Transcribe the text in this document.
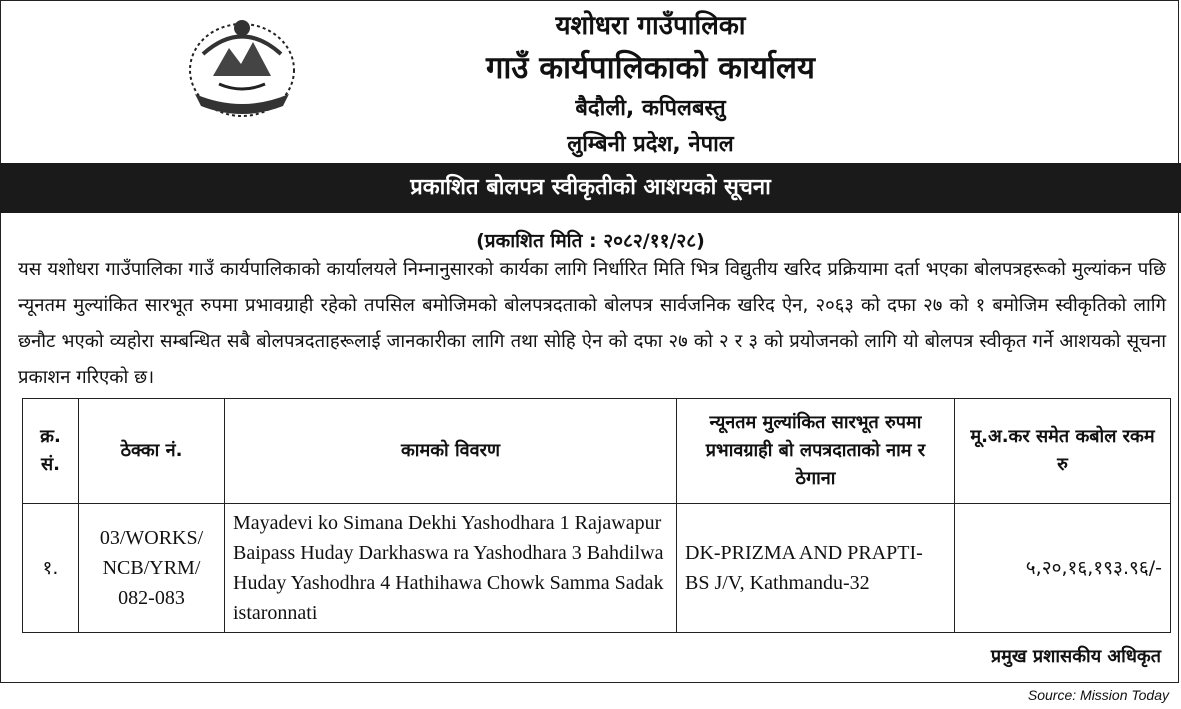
यशोधरा गाउँपालिका
गाउँ कार्यपालिकाको कार्यालय
बैदौली, कपिलबस्तु
लुम्बिनी प्रदेश, नेपाल
प्रकाशित बोलपत्र स्वीकृतीको आशयको सूचना
(प्रकाशित मिति : २०८२/११/२८)
यस यशोधरा गाउँपालिका गाउँ कार्यपालिकाको कार्यालयले निम्नानुसारको कार्यका लागि निर्धारित मिति भित्र विद्युतीय खरिद प्रक्रियामा दर्ता भएका बोलपत्रहरूको मुल्यांकन पछि न्यूनतम मुल्यांकित सारभूत रुपमा प्रभावग्राही रहेको तपसिल बमोजिमको बोलपत्रदताको बोलपत्र सार्वजनिक खरिद ऐन, २०६३ को दफा २७ को १ बमोजिम स्वीकृतिको लागि छनौट भएको व्यहोरा सम्बन्धित सबै बोलपत्रदताहरूलाई जानकारीका लागि तथा सोहि ऐन को दफा २७ को २ र ३ को प्रयोजनको लागि यो बोलपत्र स्वीकृत गर्ने आशयको सूचना प्रकाशन गरिएको छ।
क्र. सं.	ठेक्का नं.	कामको विवरण	न्यूनतम मुल्यांकित सारभूत रुपमा प्रभावग्राही बो लपत्रदाताको नाम र ठेगाना	मू.अ.कर समेत कबोल रकम रु
१.	03/WORKS/ NCB/YRM/ 082-083	Mayadevi ko Simana Dekhi Yashodhara 1 Rajawapur Baipass Huday Darkhaswa ra Yashodhara 3 Bahdilwa Huday Yashodhra 4 Hathihawa Chowk Samma Sadak istaronnati	DK-PRIZMA AND PRAPTI-BS J/V, Kathmandu-32	५,२०,१६,१९३.९६/-
प्रमुख प्रशासकीय अधिकृत
Source: Mission Today
